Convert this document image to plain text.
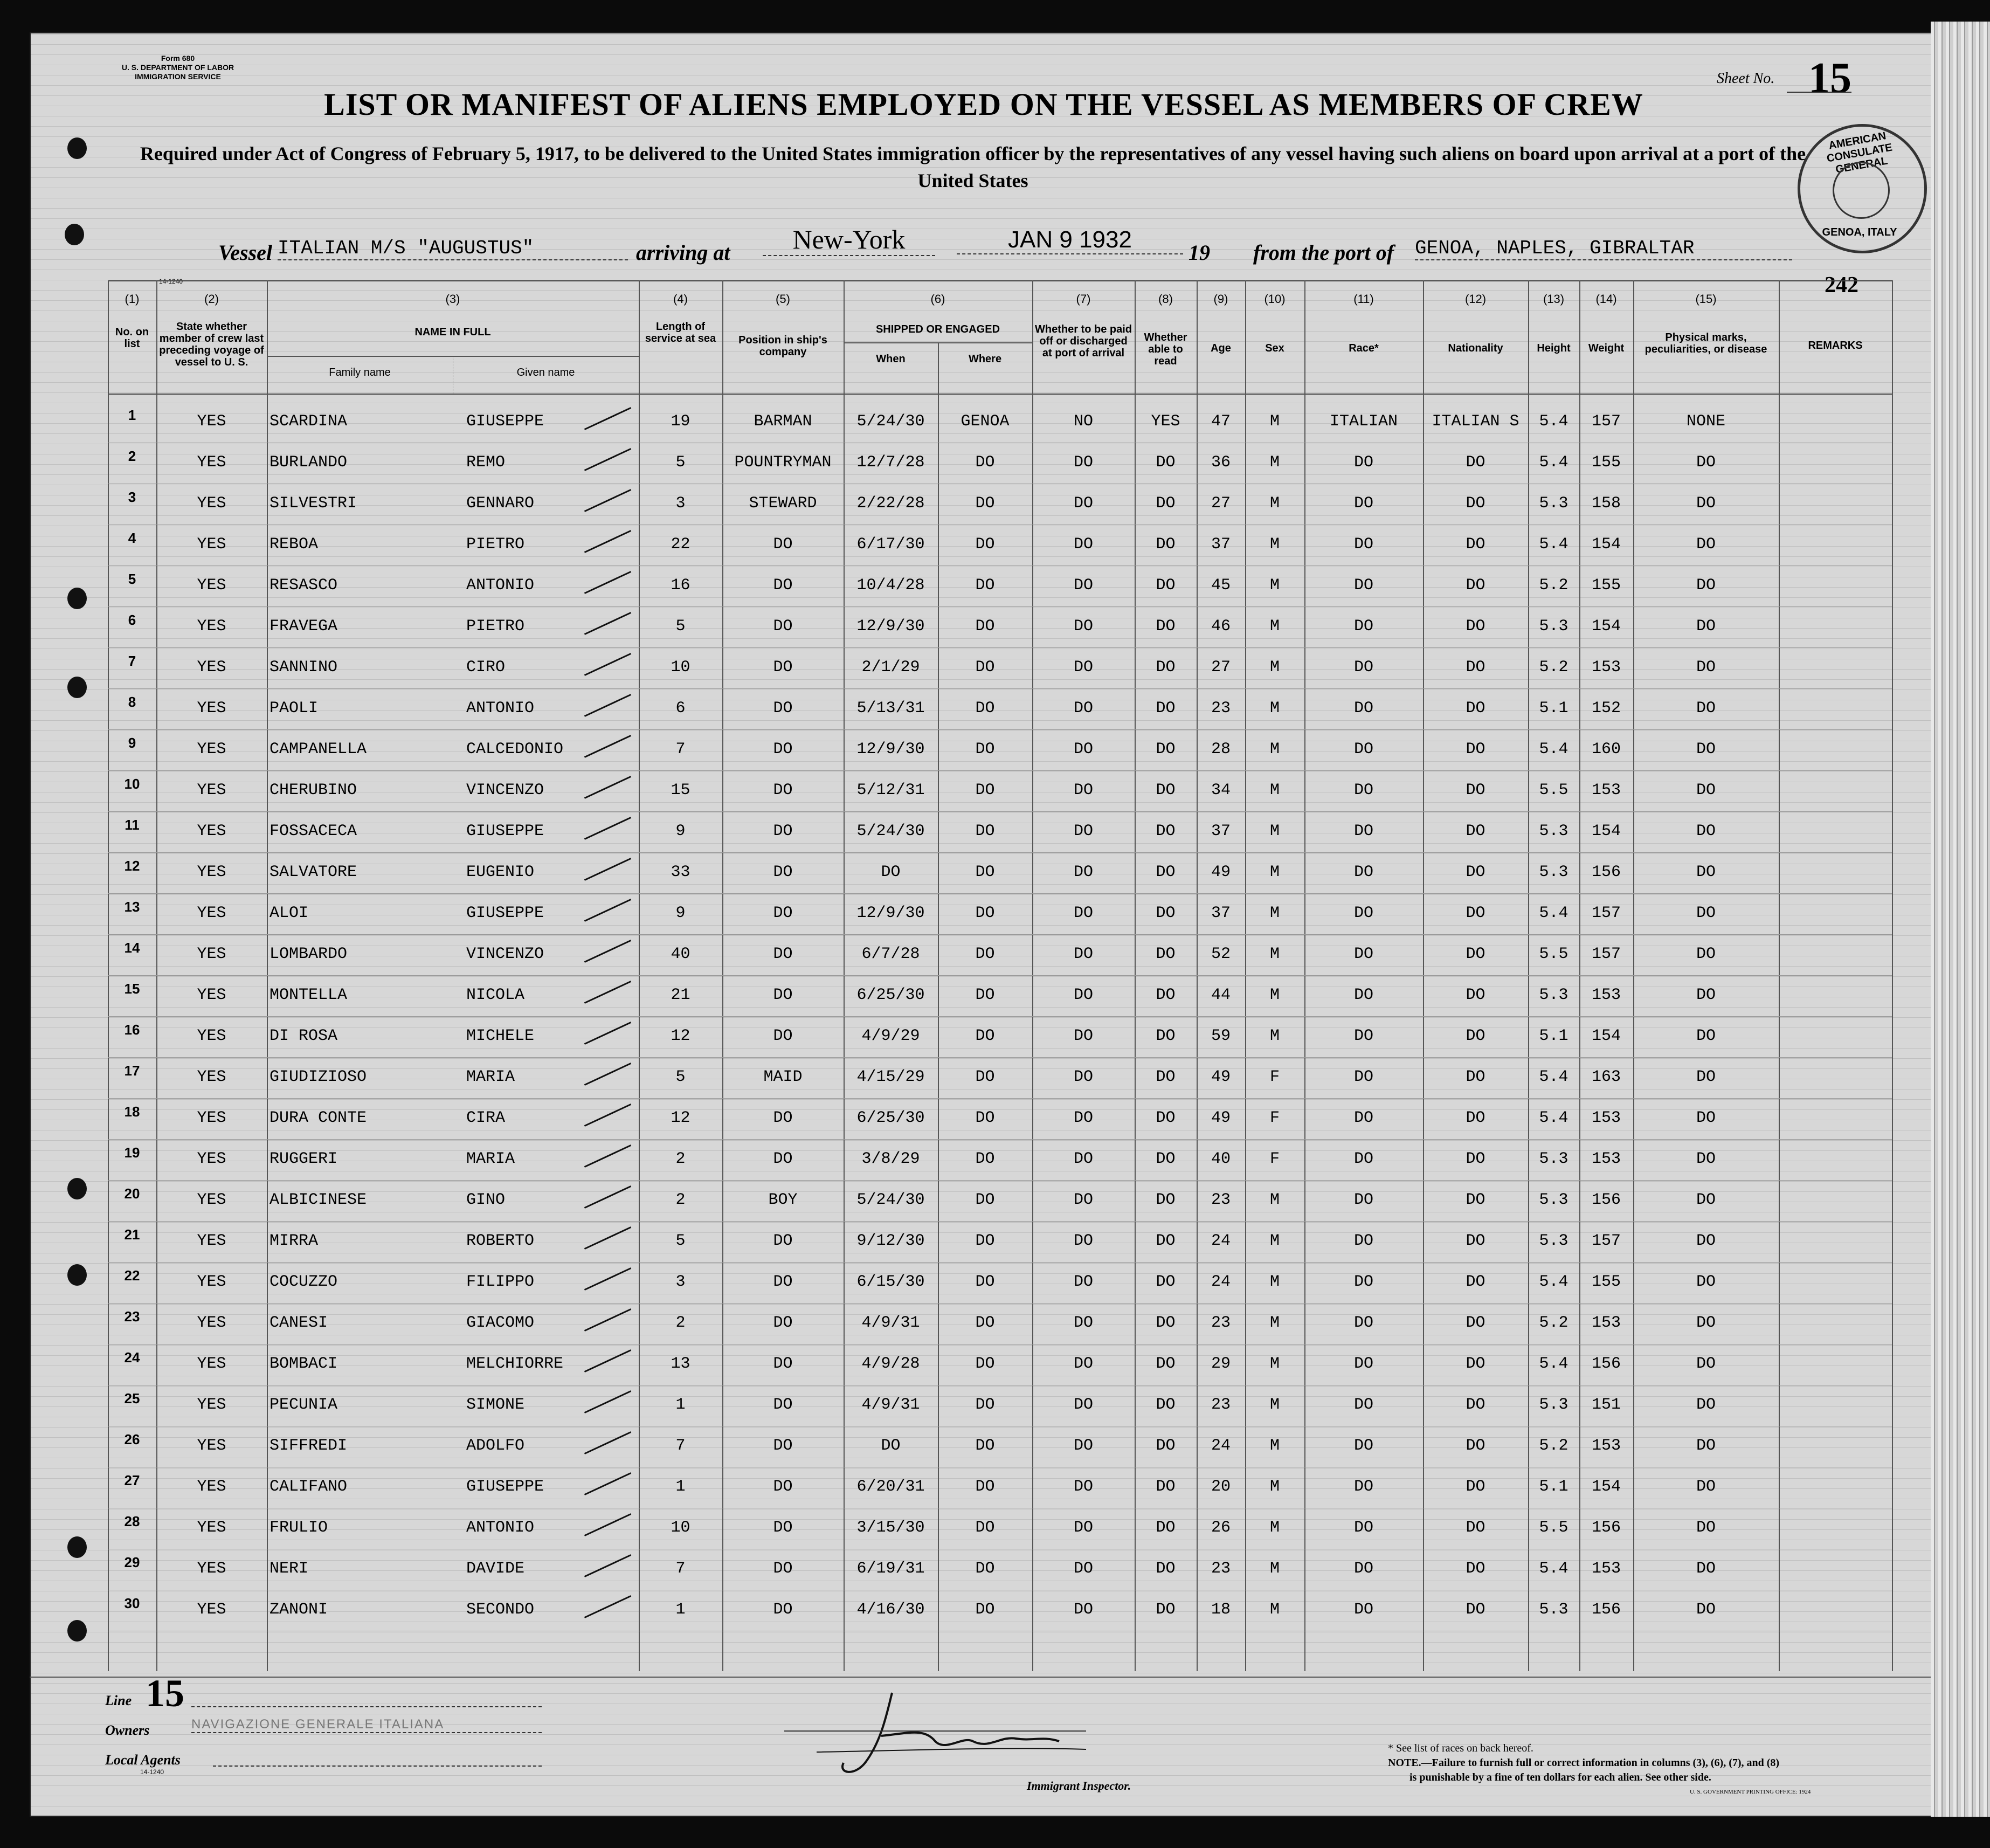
Form 680
U. S. DEPARTMENT OF LABOR
IMMIGRATION SERVICE
LIST OR MANIFEST OF ALIENS EMPLOYED ON THE VESSEL AS MEMBERS OF CREW
Required under Act of Congress of February 5, 1917, to be delivered to the United States immigration officer by the representatives of any vessel having such aliens on board upon arrival at a port of the United States
Sheet No. 15
AMERICAN CONSULATE GENERAL
GENOA, ITALY
242
Vessel ITALIAN M/S "AUGUSTUS"	arriving at	New-York	JAN 9 1932	19 from the port of GENOA, NAPLES, GIBRALTAR
14-1240
(1)	(2)	(3)	(4)	(5)	(6)	(7)	(8)	(9)	(10)	(11)	(12)	(13)	(14)	(15)
No. on list
State whether member of crew last preceding voyage of vessel to U. S.
NAME IN FULL
Family name	Given name
Length of service at sea	Position in ship's company
SHIPPED OR ENGAGED
When	Where
Whether to be paid off or discharged at port of arrival
Whether able to read
Age	Sex	Race*	Nationality	Height	Weight
Physical marks, peculiarities, or disease	REMARKS
1	YES	SCARDINA	GIUSEPPE	19	BARMAN	5/24/30	GENOA	NO	YES	47	M	ITALIAN	ITALIAN S	5.4	157	NONE
2	YES	BURLANDO	REMO	5	POUNTRYMAN	12/7/28	DO	DO	DO	36	M	DO	DO	5.4	155	DO
3	YES	SILVESTRI	GENNARO	3	STEWARD	2/22/28	DO	DO	DO	27	M	DO	DO	5.3	158	DO
4	YES	REBOA	PIETRO	22	DO	6/17/30	DO	DO	DO	37	M	DO	DO	5.4	154	DO
5	YES	RESASCO	ANTONIO	16	DO	10/4/28	DO	DO	DO	45	M	DO	DO	5.2	155	DO
6	YES	FRAVEGA	PIETRO	5	DO	12/9/30	DO	DO	DO	46	M	DO	DO	5.3	154	DO
7	YES	SANNINO	CIRO	10	DO	2/1/29	DO	DO	DO	27	M	DO	DO	5.2	153	DO
8	YES	PAOLI	ANTONIO	6	DO	5/13/31	DO	DO	DO	23	M	DO	DO	5.1	152	DO
9	YES	CAMPANELLA	CALCEDONIO	7	DO	12/9/30	DO	DO	DO	28	M	DO	DO	5.4	160	DO
10	YES	CHERUBINO	VINCENZO	15	DO	5/12/31	DO	DO	DO	34	M	DO	DO	5.5	153	DO
11	YES	FOSSACECA	GIUSEPPE	9	DO	5/24/30	DO	DO	DO	37	M	DO	DO	5.3	154	DO
12	YES	SALVATORE	EUGENIO	33	DO	DO	DO	DO	DO	49	M	DO	DO	5.3	156	DO
13	YES	ALOI	GIUSEPPE	9	DO	12/9/30	DO	DO	DO	37	M	DO	DO	5.4	157	DO
14	YES	LOMBARDO	VINCENZO	40	DO	6/7/28	DO	DO	DO	52	M	DO	DO	5.5	157	DO
15	YES	MONTELLA	NICOLA	21	DO	6/25/30	DO	DO	DO	44	M	DO	DO	5.3	153	DO
16	YES	DI ROSA	MICHELE	12	DO	4/9/29	DO	DO	DO	59	M	DO	DO	5.1	154	DO
17	YES	GIUDIZIOSO	MARIA	5	MAID	4/15/29	DO	DO	DO	49	F	DO	DO	5.4	163	DO
18	YES	DURA CONTE	CIRA	12	DO	6/25/30	DO	DO	DO	49	F	DO	DO	5.4	153	DO
19	YES	RUGGERI	MARIA	2	DO	3/8/29	DO	DO	DO	40	F	DO	DO	5.3	153	DO
20	YES	ALBICINESE	GINO	2	BOY	5/24/30	DO	DO	DO	23	M	DO	DO	5.3	156	DO
21	YES	MIRRA	ROBERTO	5	DO	9/12/30	DO	DO	DO	24	M	DO	DO	5.3	157	DO
22	YES	COCUZZO	FILIPPO	3	DO	6/15/30	DO	DO	DO	24	M	DO	DO	5.4	155	DO
23	YES	CANESI	GIACOMO	2	DO	4/9/31	DO	DO	DO	23	M	DO	DO	5.2	153	DO
24	YES	BOMBACI	MELCHIORRE	13	DO	4/9/28	DO	DO	DO	29	M	DO	DO	5.4	156	DO
25	YES	PECUNIA	SIMONE	1	DO	4/9/31	DO	DO	DO	23	M	DO	DO	5.3	151	DO
26	YES	SIFFREDI	ADOLFO	7	DO	DO	DO	DO	DO	24	M	DO	DO	5.2	153	DO
27	YES	CALIFANO	GIUSEPPE	1	DO	6/20/31	DO	DO	DO	20	M	DO	DO	5.1	154	DO
28	YES	FRULIO	ANTONIO	10	DO	3/15/30	DO	DO	DO	26	M	DO	DO	5.5	156	DO
29	YES	NERI	DAVIDE	7	DO	6/19/31	DO	DO	DO	23	M	DO	DO	5.4	153	DO
30	YES	ZANONI	SECONDO	1	DO	4/16/30	DO	DO	DO	18	M	DO	DO	5.3	156	DO
Line 15
Owners	NAVIGAZIONE GENERALE ITALIANA
Local Agents
14-1240
Immigrant Inspector.
* See list of races on back hereof.
NOTE.—Failure to furnish full or correct information in columns (3), (6), (7), and (8)
is punishable by a fine of ten dollars for each alien. See other side.
U. S. GOVERNMENT PRINTING OFFICE: 1924
